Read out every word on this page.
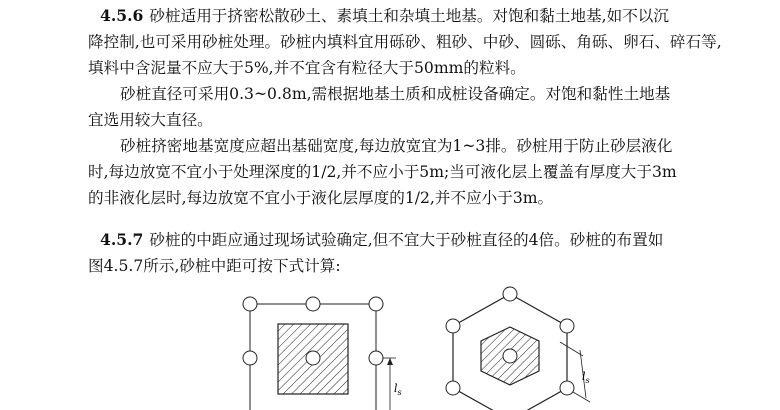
4.5.6 砂桩适用于挤密松散砂土、素填土和杂填土地基。对饱和黏土地基,如不以沉
降控制,也可采用砂桩处理。砂桩内填料宜用砾砂、粗砂、中砂、圆砾、角砾、卵石、碎石等,
填料中含泥量不应大于5%,并不宜含有粒径大于50mm的粒料。
砂桩直径可采用0.3~0.8m,需根据地基土质和成桩设备确定。对饱和黏性土地基
宜选用较大直径。
砂桩挤密地基宽度应超出基础宽度,每边放宽宜为1~3排。砂桩用于防止砂层液化
时,每边放宽不宜小于处理深度的1/2,并不应小于5m;当可液化层上覆盖有厚度大于3m
的非液化层时,每边放宽不宜小于液化层厚度的1/2,并不应小于3m。
4.5.7 砂桩的中距应通过现场试验确定,但不宜大于砂桩直径的4倍。砂桩的布置如
图4.5.7所示,砂桩中距可按下式计算:
$l_s$
$l_s$
